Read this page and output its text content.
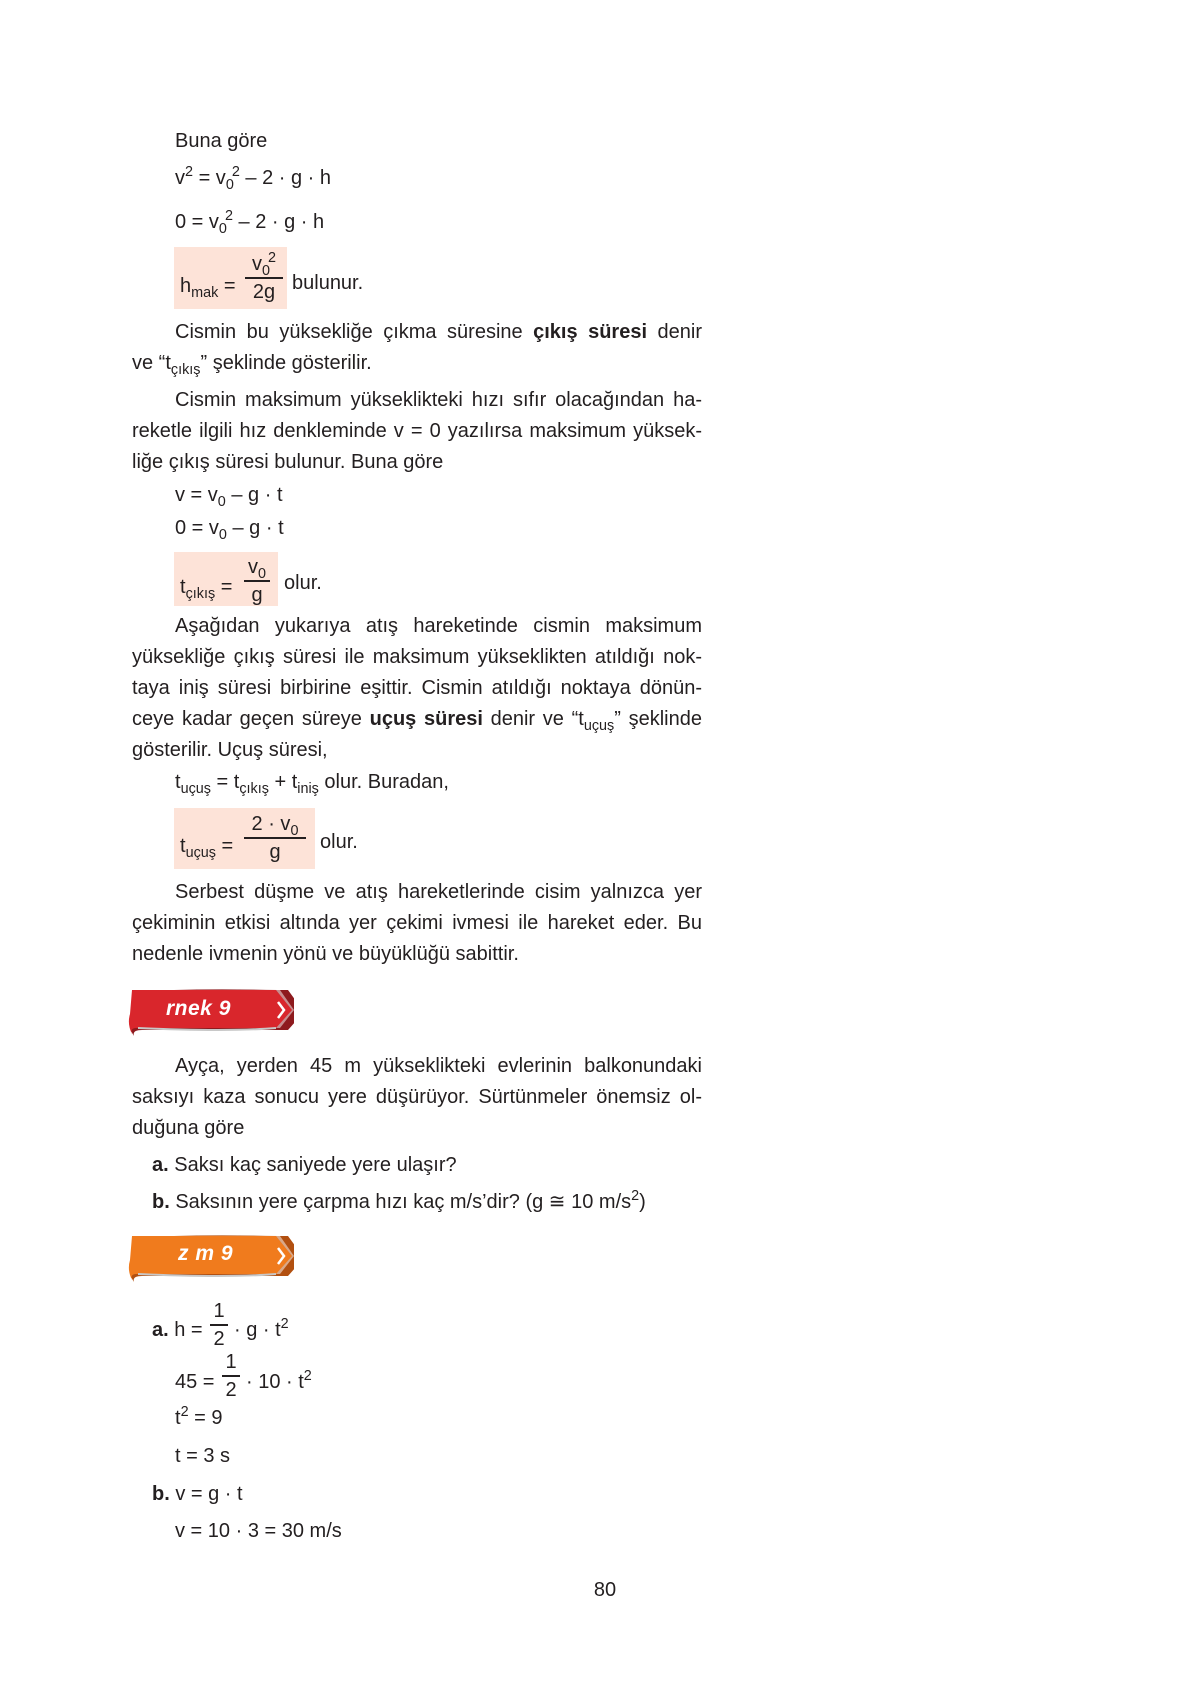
Buna göre
$v^2 = v_0^2 - 2 \cdot g \cdot h$
$0 = v_0^2 - 2 \cdot g \cdot h$
$h_{mak}$ =
$v_0^2$
2g bulunur.
Cismin bu yüksekliğe çıkma süresine çıkış süresi denir
ve “$t_{çıkış}$” şeklinde gösterilir.
Cismin maksimum yükseklikteki hızı sıfır olacağından ha-
reketle ilgili hız denkleminde v = 0 yazılırsa maksimum yüksek-
liğe çıkış süresi bulunur. Buna göre
$v = v_0 - g \cdot t$
$0 = v_0 - g \cdot t$
$t_{çıkış}$ =
$v_0$
g
olur.
Aşağıdan yukarıya atış hareketinde cismin maksimum
yüksekliğe çıkış süresi ile maksimum yükseklikten atıldığı nok-
taya iniş süresi birbirine eşittir. Cismin atıldığı noktaya dönün-
ceye kadar geçen süreye uçuş süresi denir ve “$t_{uçuş}$” şeklinde
gösterilir. Uçuş süresi,
$t_{uçuş} = t_{çıkış} + t_{iniş}$ olur. Buradan,
$t_{uçuş}$ =
$2 \cdot v_0$
g	olur.
Serbest düşme ve atış hareketlerinde cisim yalnızca yer
çekiminin etkisi altında yer çekimi ivmesi ile hareket eder. Bu
nedenle ivmenin yönü ve büyüklüğü sabittir.
rnek 9
Ayça, yerden 45 m yükseklikteki evlerinin balkonundaki
saksıyı kaza sonucu yere düşürüyor. Sürtünmeler önemsiz ol-
duğuna göre
a. Saksı kaç saniyede yere ulaşır?
b. Saksının yere çarpma hızı kaç m/s’dir? (g ≅ 10 $m/s^2$)
z m 9
a. h =
1
$2 \cdot g \cdot t^2$
45 =
1
$2 \cdot 10 \cdot t^2$
$t^2 = 9$
t = 3 s
b. v = g · t
v = 10 · 3 = 30 m/s
80
